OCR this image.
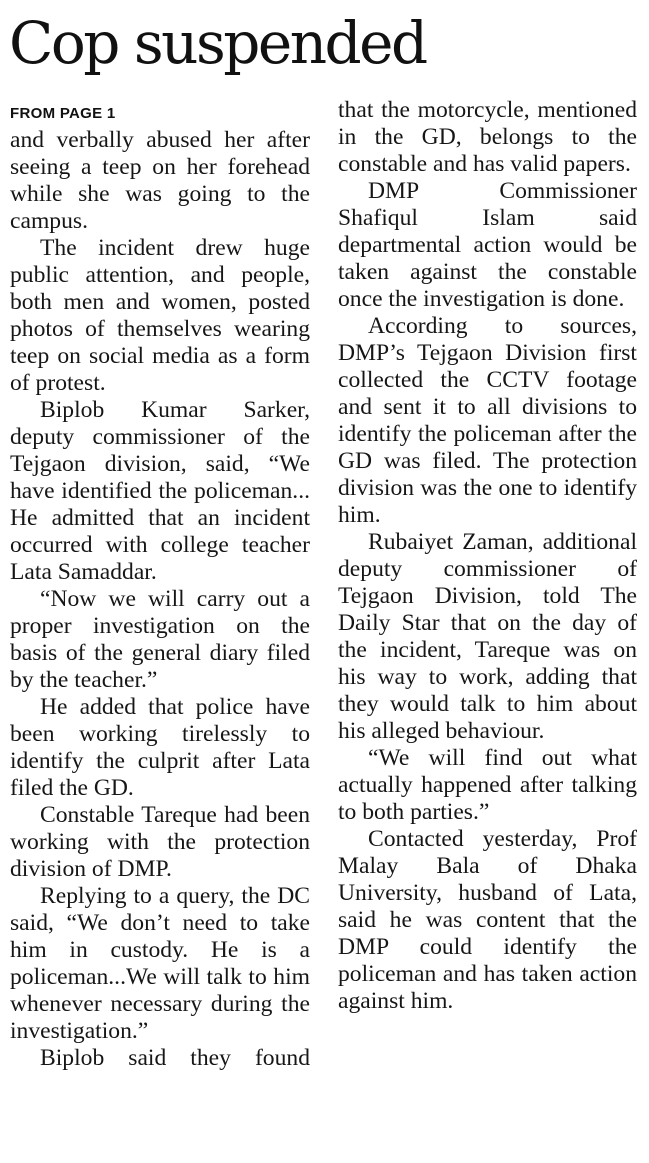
Cop suspended
FROM PAGE 1

and verbally abused her after seeing a teep on her forehead while she was going to the campus.

The incident drew huge public attention, and people, both men and women, posted photos of themselves wearing teep on social media as a form of protest.

Biplob Kumar Sarker, deputy commissioner of the Tejgaon division, said, “We have identified the policeman... He admitted that an incident occurred with college teacher Lata Samaddar.

“Now we will carry out a proper investigation on the basis of the general diary filed by the teacher.”

He added that police have been working tirelessly to identify the culprit after Lata filed the GD.

Constable Tareque had been working with the protection division of DMP.

Replying to a query, the DC said, “We don’t need to take him in custody. He is a policeman...We will talk to him whenever necessary during the investigation.”

Biplob said they found

that the motorcycle, mentioned in the GD, belongs to the constable and has valid papers.

DMP Commissioner Shafiqul Islam said departmental action would be taken against the constable once the investigation is done.

According to sources, DMP’s Tejgaon Division first collected the CCTV footage and sent it to all divisions to identify the policeman after the GD was filed. The protection division was the one to identify him.

Rubaiyet Zaman, additional deputy commissioner of Tejgaon Division, told The Daily Star that on the day of the incident, Tareque was on his way to work, adding that they would talk to him about his alleged behaviour.

“We will find out what actually happened after talking to both parties.”

Contacted yesterday, Prof Malay Bala of Dhaka University, husband of Lata, said he was content that the DMP could identify the policeman and has taken action against him.
